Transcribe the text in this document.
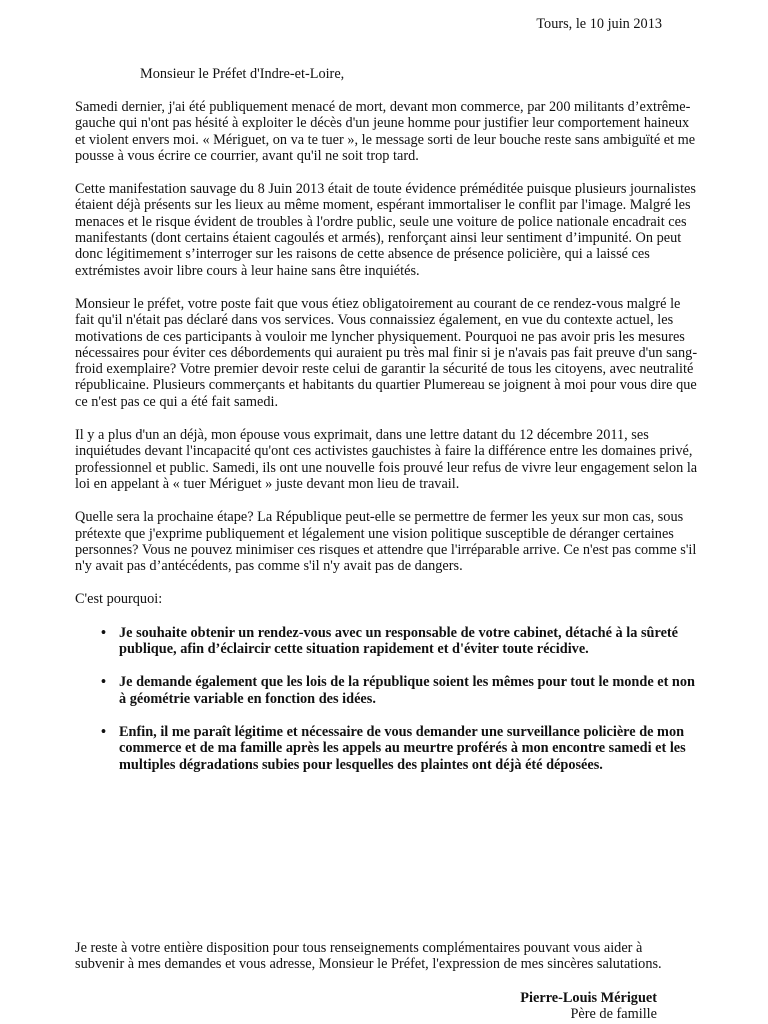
Tours, le 10 juin 2013
Monsieur le Préfet d'Indre-et-Loire,

Samedi dernier, j'ai été publiquement menacé de mort, devant mon commerce, par 200 militants d’extrême-gauche qui n'ont pas hésité à exploiter le décès d'un jeune homme pour justifier leur comportement haineux et violent envers moi. « Mériguet, on va te tuer », le message sorti de leur bouche reste sans ambiguïté et me pousse à vous écrire ce courrier, avant qu'il ne soit trop tard.

Cette manifestation sauvage du 8 Juin 2013 était de toute évidence préméditée puisque plusieurs journalistes étaient déjà présents sur les lieux au même moment, espérant immortaliser le conflit par l'image. Malgré les menaces et le risque évident de troubles à l'ordre public, seule une voiture de police nationale encadrait ces manifestants (dont certains étaient cagoulés et armés), renforçant ainsi leur sentiment d’impunité. On peut donc légitimement s’interroger sur les raisons de cette absence de présence policière, qui a laissé ces extrémistes avoir libre cours à leur haine sans être inquiétés.

Monsieur le préfet, votre poste fait que vous étiez obligatoirement au courant de ce rendez-vous malgré le fait qu'il n'était pas déclaré dans vos services. Vous connaissiez également, en vue du contexte actuel, les motivations de ces participants à vouloir me lyncher physiquement. Pourquoi ne pas avoir pris les mesures nécessaires pour éviter ces débordements qui auraient pu très mal finir si je n'avais pas fait preuve d'un sang-froid exemplaire? Votre premier devoir reste celui de garantir la sécurité de tous les citoyens, avec neutralité républicaine. Plusieurs commerçants et habitants du quartier Plumereau se joignent à moi pour vous dire que ce n'est pas ce qui a été fait samedi.

Il y a plus d'un an déjà, mon épouse vous exprimait, dans une lettre datant du 12 décembre 2011, ses inquiétudes devant l'incapacité qu'ont ces activistes gauchistes à faire la différence entre les domaines privé, professionnel et public. Samedi, ils ont une nouvelle fois prouvé leur refus de vivre leur engagement selon la loi en appelant à « tuer Mériguet » juste devant mon lieu de travail.

Quelle sera la prochaine étape? La République peut-elle se permettre de fermer les yeux sur mon cas, sous prétexte que j'exprime publiquement et légalement une vision politique susceptible de déranger certaines personnes? Vous ne pouvez minimiser ces risques et attendre que l'irréparable arrive. Ce n'est pas comme s'il n'y avait pas d’antécédents, pas comme s'il n'y avait pas de dangers.

C'est pourquoi:

• Je souhaite obtenir un rendez-vous avec un responsable de votre cabinet, détaché à la sûreté publique, afin d’éclaircir cette situation rapidement et d'éviter toute récidive.
• Je demande également que les lois de la république soient les mêmes pour tout le monde et non à géométrie variable en fonction des idées.
• Enfin, il me paraît légitime et nécessaire de vous demander une surveillance policière de mon commerce et de ma famille après les appels au meurtre proférés à mon encontre samedi et les multiples dégradations subies pour lesquelles des plaintes ont déjà été déposées.

Je reste à votre entière disposition pour tous renseignements complémentaires pouvant vous aider à subvenir à mes demandes et vous adresse, Monsieur le Préfet, l'expression de mes sincères salutations.

Pierre-Louis Mériguet
Père de famille
